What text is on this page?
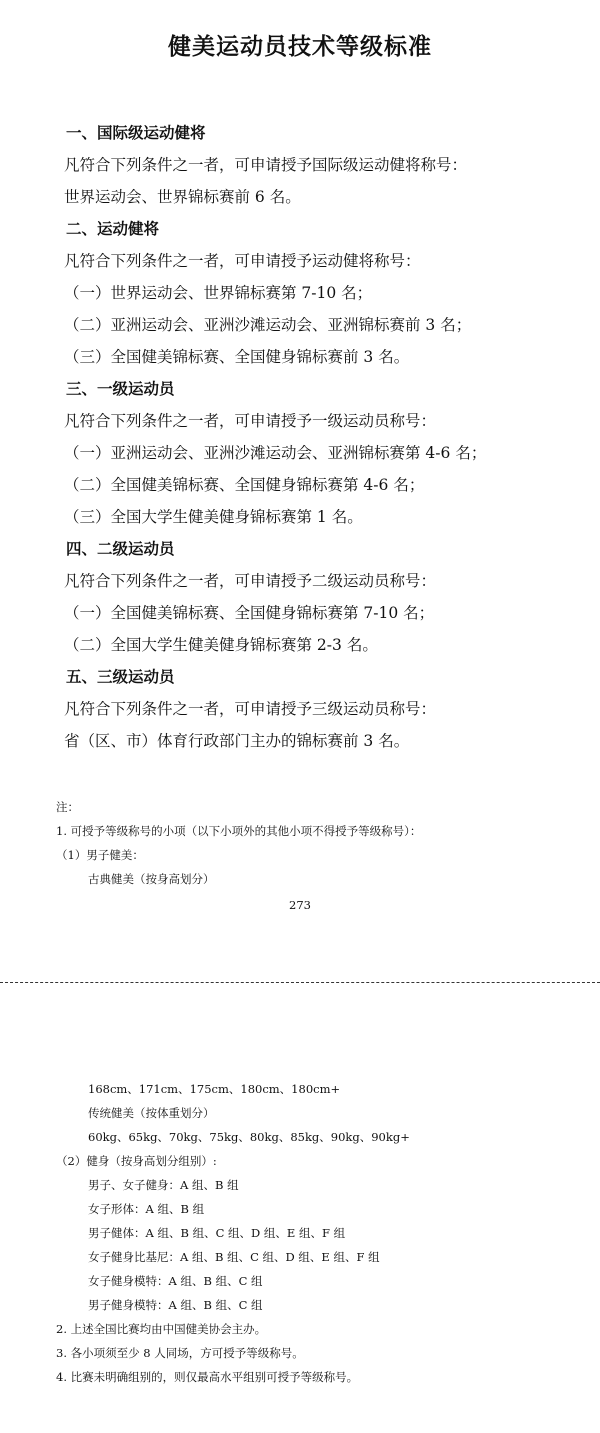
健美运动员技术等级标准
一、国际级运动健将
凡符合下列条件之一者，可申请授予国际级运动健将称号：
世界运动会、世界锦标赛前 6 名。
二、运动健将
凡符合下列条件之一者，可申请授予运动健将称号：
（一）世界运动会、世界锦标赛第 7-10 名；
（二）亚洲运动会、亚洲沙滩运动会、亚洲锦标赛前 3 名；
（三）全国健美锦标赛、全国健身锦标赛前 3 名。
三、一级运动员
凡符合下列条件之一者，可申请授予一级运动员称号：
（一）亚洲运动会、亚洲沙滩运动会、亚洲锦标赛第 4-6 名；
（二）全国健美锦标赛、全国健身锦标赛第 4-6 名；
（三）全国大学生健美健身锦标赛第 1 名。
四、二级运动员
凡符合下列条件之一者，可申请授予二级运动员称号：
（一）全国健美锦标赛、全国健身锦标赛第 7-10 名；
（二）全国大学生健美健身锦标赛第 2-3 名。
五、三级运动员
凡符合下列条件之一者，可申请授予三级运动员称号：
省（区、市）体育行政部门主办的锦标赛前 3 名。
注：
1. 可授予等级称号的小项（以下小项外的其他小项不得授予等级称号）：
（1）男子健美：
古典健美（按身高划分）
273
168cm、171cm、175cm、180cm、180cm+
传统健美（按体重划分）
60kg、65kg、70kg、75kg、80kg、85kg、90kg、90kg+
（2）健身（按身高划分组别）:
男子、女子健身：A 组、B 组
女子形体：A 组、B 组
男子健体：A 组、B 组、C 组、D 组、E 组、F 组
女子健身比基尼：A 组、B 组、C 组、D 组、E 组、F 组
女子健身模特：A 组、B 组、C 组
男子健身模特：A 组、B 组、C 组
2. 上述全国比赛均由中国健美协会主办。
3. 各小项须至少 8 人同场，方可授予等级称号。
4. 比赛未明确组别的，则仅最高水平组别可授予等级称号。
